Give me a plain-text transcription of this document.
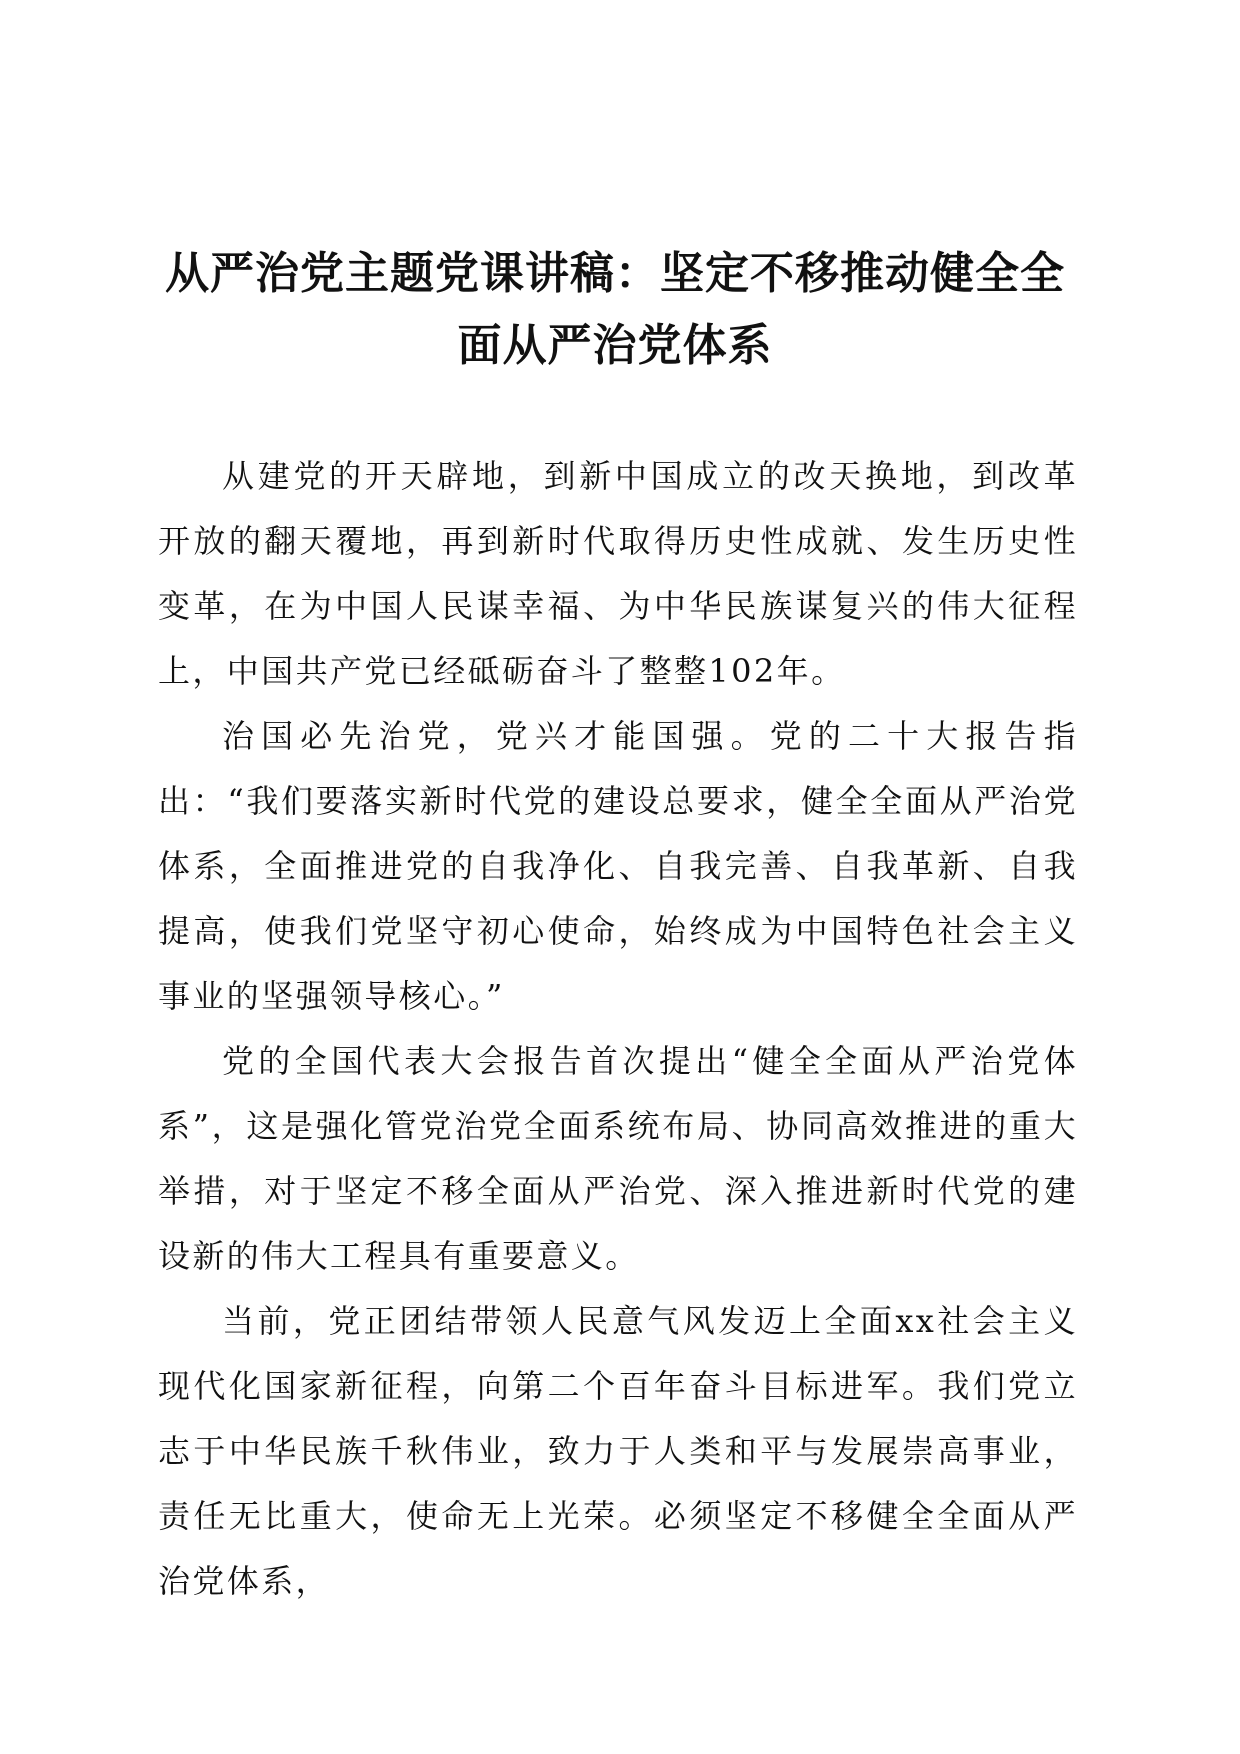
从严治党主题党课讲稿：坚定不移推动健全全面从严治党体系

从建党的开天辟地，到新中国成立的改天换地，到改革开放的翻天覆地，再到新时代取得历史性成就、发生历史性变革，在为中国人民谋幸福、为中华民族谋复兴的伟大征程上，中国共产党已经砥砺奋斗了整整102年。

治国必先治党，党兴才能国强。党的二十大报告指出：“我们要落实新时代党的建设总要求，健全全面从严治党体系，全面推进党的自我净化、自我完善、自我革新、自我提高，使我们党坚守初心使命，始终成为中国特色社会主义事业的坚强领导核心。”

党的全国代表大会报告首次提出“健全全面从严治党体系”，这是强化管党治党全面系统布局、协同高效推进的重大举措，对于坚定不移全面从严治党、深入推进新时代党的建设新的伟大工程具有重要意义。

当前，党正团结带领人民意气风发迈上全面xx社会主义现代化国家新征程，向第二个百年奋斗目标进军。我们党立志于中华民族千秋伟业，致力于人类和平与发展崇高事业，责任无比重大，使命无上光荣。必须坚定不移健全全面从严治党体系，
